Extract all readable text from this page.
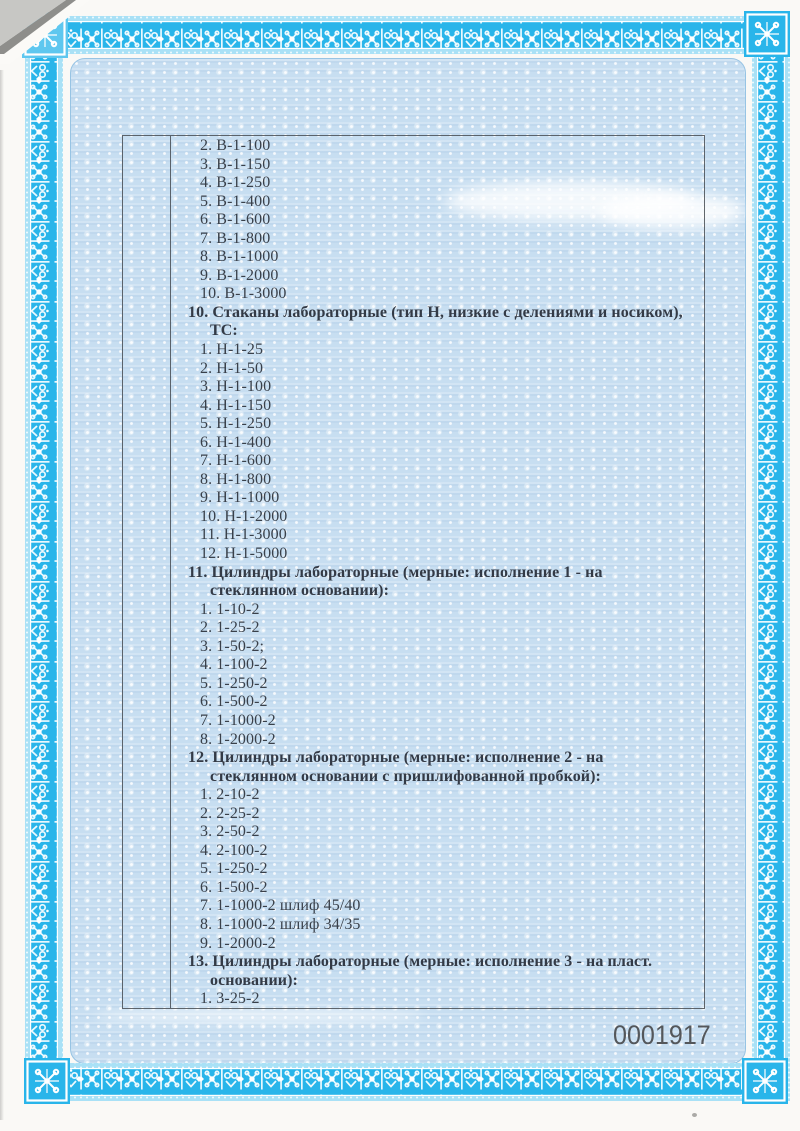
2. В-1-100
3. В-1-150
4. В-1-250
5. В-1-400
6. В-1-600
7. В-1-800
8. В-1-1000
9. В-1-2000
10. В-1-3000
10. Стаканы лабораторные (тип Н, низкие с делениями и носиком),
ТС:
1. Н-1-25
2. Н-1-50
3. Н-1-100
4. Н-1-150
5. Н-1-250
6. Н-1-400
7. Н-1-600
8. Н-1-800
9. Н-1-1000
10. Н-1-2000
11. Н-1-3000
12. Н-1-5000
11. Цилиндры лабораторные (мерные: исполнение 1 - на
стеклянном основании):
1. 1-10-2
2. 1-25-2
3. 1-50-2;
4. 1-100-2
5. 1-250-2
6. 1-500-2
7. 1-1000-2
8. 1-2000-2
12. Цилиндры лабораторные (мерные: исполнение 2 - на
стеклянном основании с пришлифованной пробкой):
1. 2-10-2
2. 2-25-2
3. 2-50-2
4. 2-100-2
5. 1-250-2
6. 1-500-2
7. 1-1000-2 шлиф 45/40
8. 1-1000-2 шлиф 34/35
9. 1-2000-2
13. Цилиндры лабораторные (мерные: исполнение 3 - на пласт.
основании):
1. 3-25-2
0001917
